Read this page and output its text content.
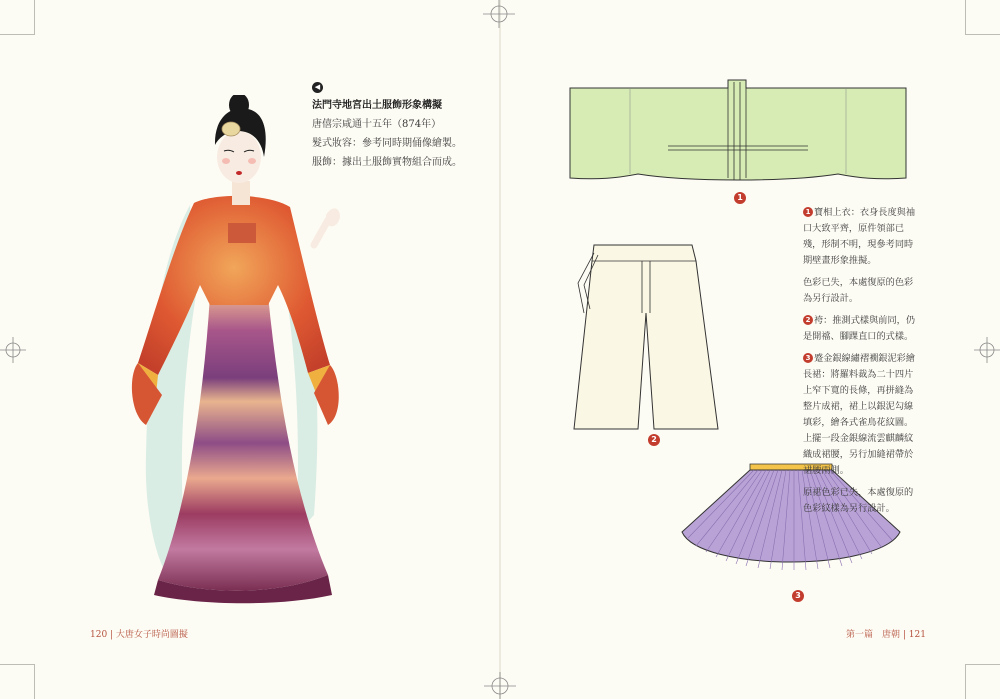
◀
法門寺地宮出土服飾形象構擬
唐僖宗咸通十五年（874年）
髮式妝容：參考同時期俑像繪製。
服飾：據出土服飾實物組合而成。
120 | 大唐女子時尚圖擬
1
2
3

1 寶相上衣：衣身長度與袖口大致平齊，原件領部已殘，形制不明，現參考同時期壁畫形象推擬。

色彩已失，本處復原的色彩為另行設計。

2 袴：推測式樣與前同，仍是開襠、腳踝直口的式樣。

3 蹙金銀線繡褶襉銀泥彩繪長裙：將羅料裁為二十四片上窄下寬的長條，再拼縫為整片成裙，裙上以銀泥勾線填彩，繪各式雀鳥花紋圖。上擺一段金銀線流雲麒麟紋織成裙腰，另行加縫裙帶於裙腰兩側。

原裙色彩已失，本處復原的色彩紋樣為另行設計。

第一篇　唐朝 | 121
